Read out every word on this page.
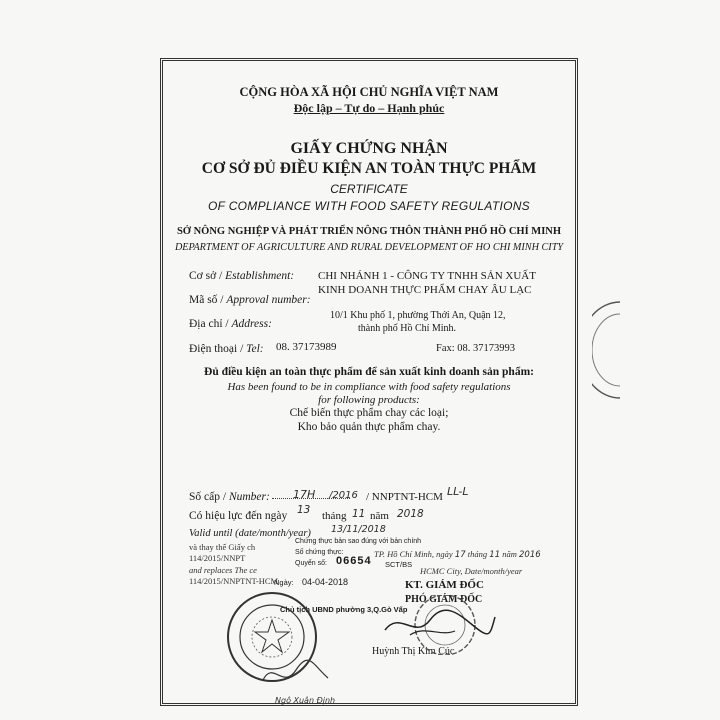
CỘNG HÒA XÃ HỘI CHỦ NGHĨA VIỆT NAM
Độc lập – Tự do – Hạnh phúc
GIẤY CHỨNG NHẬN
CƠ SỞ ĐỦ ĐIỀU KIỆN AN TOÀN THỰC PHẨM
CERTIFICATE
OF COMPLIANCE WITH FOOD SAFETY REGULATIONS
SỞ NÔNG NGHIỆP VÀ PHÁT TRIỂN NÔNG THÔN THÀNH PHỐ HỒ CHÍ MINH
DEPARTMENT OF AGRICULTURE AND RURAL DEVELOPMENT OF HO CHI MINH CITY
Cơ sở / Establishment: CHI NHÁNH 1 - CÔNG TY TNHH SẢN XUẤT
KINH DOANH THỰC PHẨM CHAY ÂU LẠC
Mã số / Approval number:
Địa chỉ / Address:
10/1 Khu phố 1, phường Thới An, Quận 12,
thành phố Hồ Chí Minh.
Điện thoại / Tel: 08. 37173989	Fax: 08. 37173993
Đủ điều kiện an toàn thực phẩm để sản xuất kinh doanh sản phẩm:
Has been found to be in compliance with food safety regulations
for following products:
Chế biến thực phẩm chay các loại;
Kho bảo quản thực phẩm chay.
Số cấp / Number: 17H /2016 / NNPTNT-HCM LL-L
Có hiệu lực đến ngày 13 tháng 11 năm 2018
Valid until (date/month/year) 13/11/2018
và thay thế Giấy ch
114/2015/NNPT
and replaces The ce
114/2015/NNPTNT-HCM
Chứng thực bản sao đúng với bản chính
Số chứng thực:
Quyển số: 06654 SCT/BS
Ngày: 04-04-2018
Chủ tịch UBND phường 3,Q.Gò Vấp
TP. Hồ Chí Minh, ngày 17 tháng 11 năm 2016
HCMC City, Date/month/year
KT. GIÁM ĐỐC
PHÓ GIÁM ĐỐC
Huỳnh Thị Kim Cúc
Ngô Xuân Định
